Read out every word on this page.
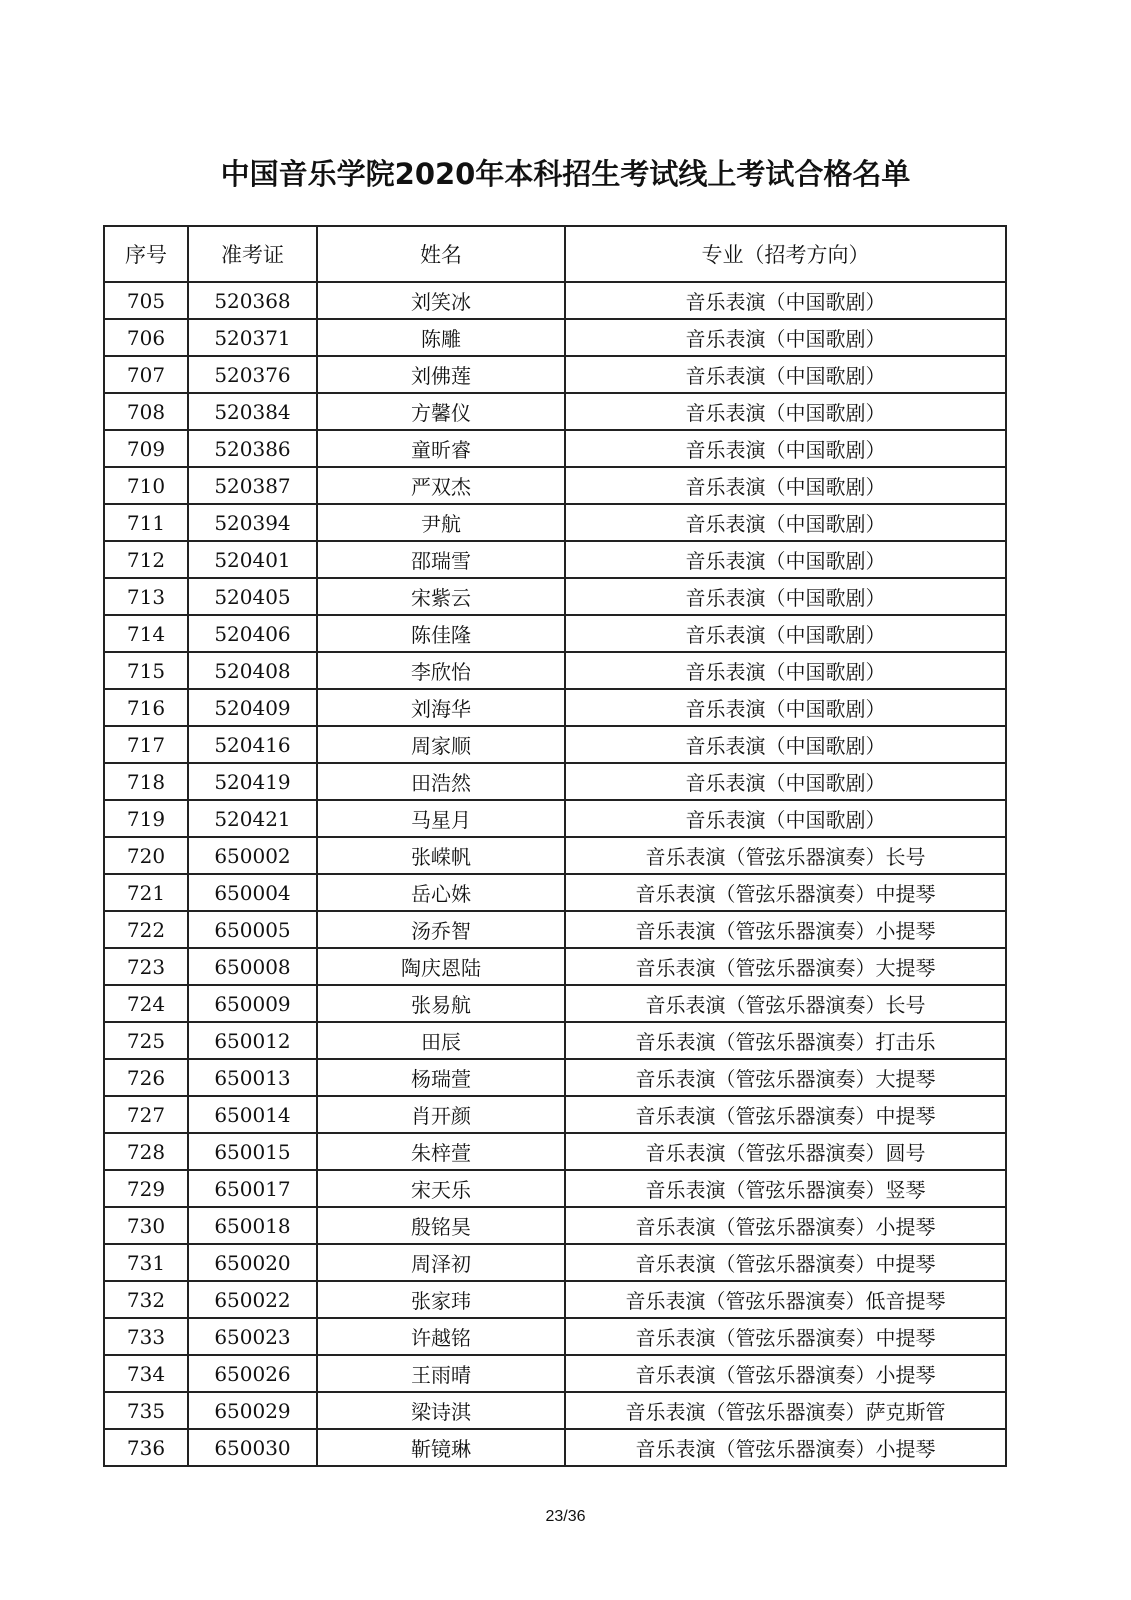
中国音乐学院2020年本科招生考试线上考试合格名单
序号	准考证	姓名	专业（招考方向）
705	520368	刘笑冰	音乐表演（中国歌剧）
706	520371	陈雕	音乐表演（中国歌剧）
707	520376	刘佛莲	音乐表演（中国歌剧）
708	520384	方馨仪	音乐表演（中国歌剧）
709	520386	童昕睿	音乐表演（中国歌剧）
710	520387	严双杰	音乐表演（中国歌剧）
711	520394	尹航	音乐表演（中国歌剧）
712	520401	邵瑞雪	音乐表演（中国歌剧）
713	520405	宋紫云	音乐表演（中国歌剧）
714	520406	陈佳隆	音乐表演（中国歌剧）
715	520408	李欣怡	音乐表演（中国歌剧）
716	520409	刘海华	音乐表演（中国歌剧）
717	520416	周家顺	音乐表演（中国歌剧）
718	520419	田浩然	音乐表演（中国歌剧）
719	520421	马星月	音乐表演（中国歌剧）
720	650002	张嵘帆	音乐表演（管弦乐器演奏）长号
721	650004	岳心姝	音乐表演（管弦乐器演奏）中提琴
722	650005	汤乔智	音乐表演（管弦乐器演奏）小提琴
723	650008	陶庆恩陆	音乐表演（管弦乐器演奏）大提琴
724	650009	张易航	音乐表演（管弦乐器演奏）长号
725	650012	田辰	音乐表演（管弦乐器演奏）打击乐
726	650013	杨瑞萱	音乐表演（管弦乐器演奏）大提琴
727	650014	肖开颜	音乐表演（管弦乐器演奏）中提琴
728	650015	朱梓萱	音乐表演（管弦乐器演奏）圆号
729	650017	宋天乐	音乐表演（管弦乐器演奏）竖琴
730	650018	殷铭昊	音乐表演（管弦乐器演奏）小提琴
731	650020	周泽初	音乐表演（管弦乐器演奏）中提琴
732	650022	张家玮	音乐表演（管弦乐器演奏）低音提琴
733	650023	许越铭	音乐表演（管弦乐器演奏）中提琴
734	650026	王雨晴	音乐表演（管弦乐器演奏）小提琴
735	650029	梁诗淇	音乐表演（管弦乐器演奏）萨克斯管
736	650030	靳镜琳	音乐表演（管弦乐器演奏）小提琴
23/36
